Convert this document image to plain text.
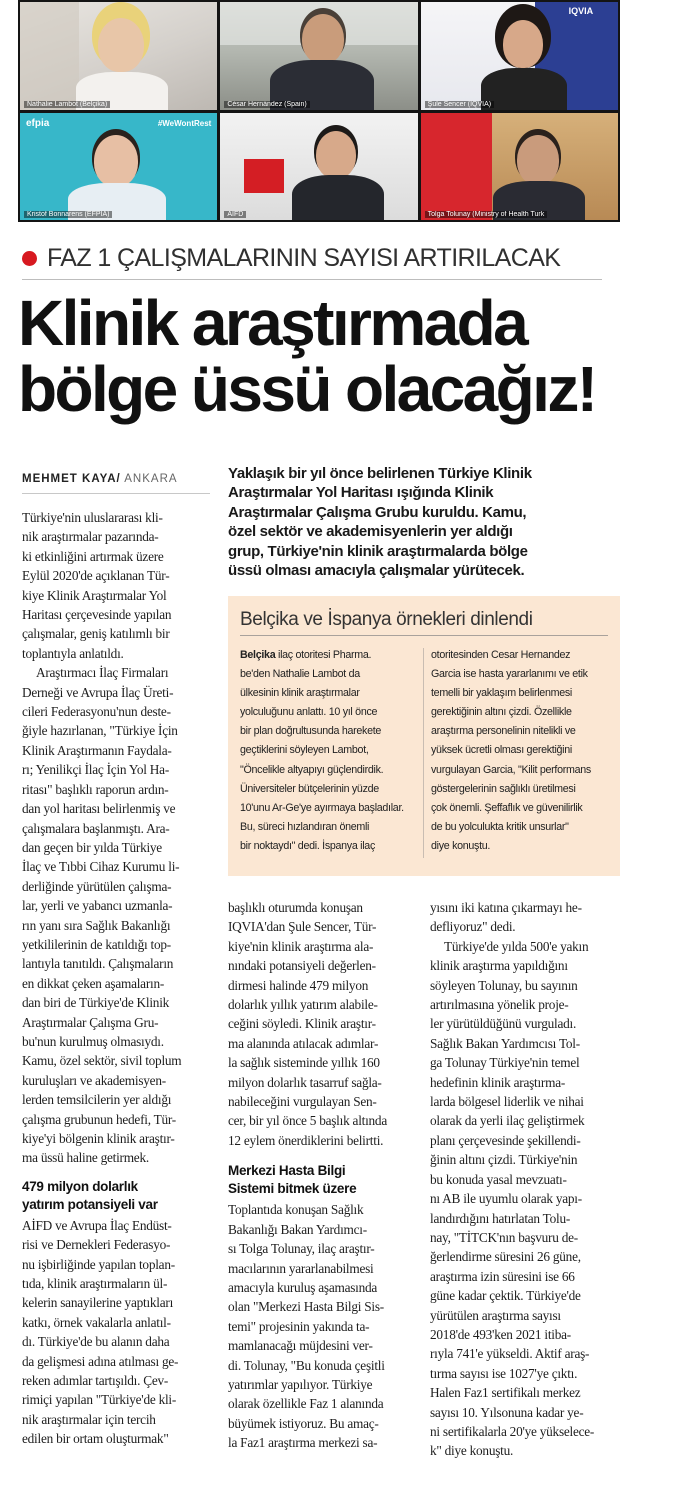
Nathalie Lambot (Belçika)	César Hernández (Spain)
IQVIA
Şule Sencer (IQVIA)
efpia	#WeWontRest
Kristof Bonnarens (EFPIA)	AİFD	Tolga Tolunay (Ministry of Health Turk
FAZ 1 ÇALIŞMALARININ SAYISI ARTIRILACAK
Klinik araştırmada
bölge üssü olacağız!
MEHMET KAYA/ ANKARA	Yaklaşık bir yıl önce belirlenen Türkiye Klinik
Araştırmalar Yol Haritası ışığında Klinik
Araştırmalar Çalışma Grubu kuruldu. Kamu,
özel sektör ve akademisyenlerin yer aldığı
grup, Türkiye'nin klinik araştırmalarda bölge
üssü olması amacıyla çalışmalar yürütecek.
Belçika ve İspanya örnekleri dinlendi
Belçika ilaç otoritesi Pharma.
be'den Nathalie Lambot da
ülkesinin klinik araştırmalar
yolculuğunu anlattı. 10 yıl önce
bir plan doğrultusunda harekete
geçtiklerini söyleyen Lambot,
"Öncelikle altyapıyı güçlendirdik.
Üniversiteler bütçelerinin yüzde
10'unu Ar-Ge'ye ayırmaya başladılar.
Bu, süreci hızlandıran önemli
bir noktaydı" dedi. İspanya ilaç
otoritesinden Cesar Hernandez
Garcia ise hasta yararlanımı ve etik
temelli bir yaklaşım belirlenmesi
gerektiğinin altını çizdi. Özellikle
araştırma personelinin nitelikli ve
yüksek ücretli olması gerektiğini
vurgulayan Garcia, "Kilit performans
göstergelerinin sağlıklı üretilmesi
çok önemli. Şeffaflık ve güvenilirlik
de bu yolculukta kritik unsurlar"
diye konuştu.
Türkiye'nin uluslararası kli-
nik araştırmalar pazarında-
ki etkinliğini artırmak üzere
Eylül 2020'de açıklanan Tür-
kiye Klinik Araştırmalar Yol
Haritası çerçevesinde yapılan
çalışmalar, geniş katılımlı bir
toplantıyla anlatıldı.
Araştırmacı İlaç Firmaları
Derneği ve Avrupa İlaç Üreti-
cileri Federasyonu'nun deste-
ğiyle hazırlanan, "Türkiye İçin
Klinik Araştırmanın Faydala-
rı; Yenilikçi İlaç İçin Yol Ha-
ritası" başlıklı raporun ardın-
dan yol haritası belirlenmiş ve
çalışmalara başlanmıştı. Ara-
dan geçen bir yılda Türkiye
İlaç ve Tıbbi Cihaz Kurumu li-
derliğinde yürütülen çalışma-
lar, yerli ve yabancı uzmanla-
rın yanı sıra Sağlık Bakanlığı
yetkililerinin de katıldığı top-
lantıyla tanıtıldı. Çalışmaların
en dikkat çeken aşamaların-
dan biri de Türkiye'de Klinik
Araştırmalar Çalışma Gru-
bu'nun kurulmuş olmasıydı.
Kamu, özel sektör, sivil toplum
kuruluşları ve akademisyen-
lerden temsilcilerin yer aldığı
çalışma grubunun hedefi, Tür-
kiye'yi bölgenin klinik araştır-
ma üssü haline getirmek.
479 milyon dolarlık
yatırım potansiyeli var
AİFD ve Avrupa İlaç Endüst-
risi ve Dernekleri Federasyo-
nu işbirliğinde yapılan toplan-
tıda, klinik araştırmaların ül-
kelerin sanayilerine yaptıkları
katkı, örnek vakalarla anlatıl-
dı. Türkiye'de bu alanın daha
da gelişmesi adına atılması ge-
reken adımlar tartışıldı. Çev-
rimiçi yapılan "Türkiye'de kli-
nik araştırmalar için tercih
edilen bir ortam oluşturmak"
başlıklı oturumda konuşan
IQVIA'dan Şule Sencer, Tür-
kiye'nin klinik araştırma ala-
nındaki potansiyeli değerlen-
dirmesi halinde 479 milyon
dolarlık yıllık yatırım alabile-
ceğini söyledi. Klinik araştır-
ma alanında atılacak adımlar-
la sağlık sisteminde yıllık 160
milyon dolarlık tasarruf sağla-
nabileceğini vurgulayan Sen-
cer, bir yıl önce 5 başlık altında
12 eylem önerdiklerini belirtti.
Merkezi Hasta Bilgi
Sistemi bitmek üzere
Toplantıda konuşan Sağlık
Bakanlığı Bakan Yardımcı-
sı Tolga Tolunay, ilaç araştır-
macılarının yararlanabilmesi
amacıyla kuruluş aşamasında
olan "Merkezi Hasta Bilgi Sis-
temi" projesinin yakında ta-
mamlanacağı müjdesini ver-
di. Tolunay, "Bu konuda çeşitli
yatırımlar yapılıyor. Türkiye
olarak özellikle Faz 1 alanında
büyümek istiyoruz. Bu amaç-
la Faz1 araştırma merkezi sa-
yısını iki katına çıkarmayı he-
defliyoruz" dedi.
Türkiye'de yılda 500'e yakın
klinik araştırma yapıldığını
söyleyen Tolunay, bu sayının
artırılmasına yönelik proje-
ler yürütüldüğünü vurguladı.
Sağlık Bakan Yardımcısı Tol-
ga Tolunay Türkiye'nin temel
hedefinin klinik araştırma-
larda bölgesel liderlik ve nihai
olarak da yerli ilaç geliştirmek
planı çerçevesinde şekillendi-
ğinin altını çizdi. Türkiye'nin
bu konuda yasal mevzuatı-
nı AB ile uyumlu olarak yapı-
landırdığını hatırlatan Tolu-
nay, "TİTCK'nın başvuru de-
ğerlendirme süresini 26 güne,
araştırma izin süresini ise 66
güne kadar çektik. Türkiye'de
yürütülen araştırma sayısı
2018'de 493'ken 2021 itiba-
rıyla 741'e yükseldi. Aktif araş-
tırma sayısı ise 1027'ye çıktı.
Halen Faz1 sertifikalı merkez
sayısı 10. Yılsonuna kadar ye-
ni sertifikalarla 20'ye yükselece-
k" diye konuştu.
